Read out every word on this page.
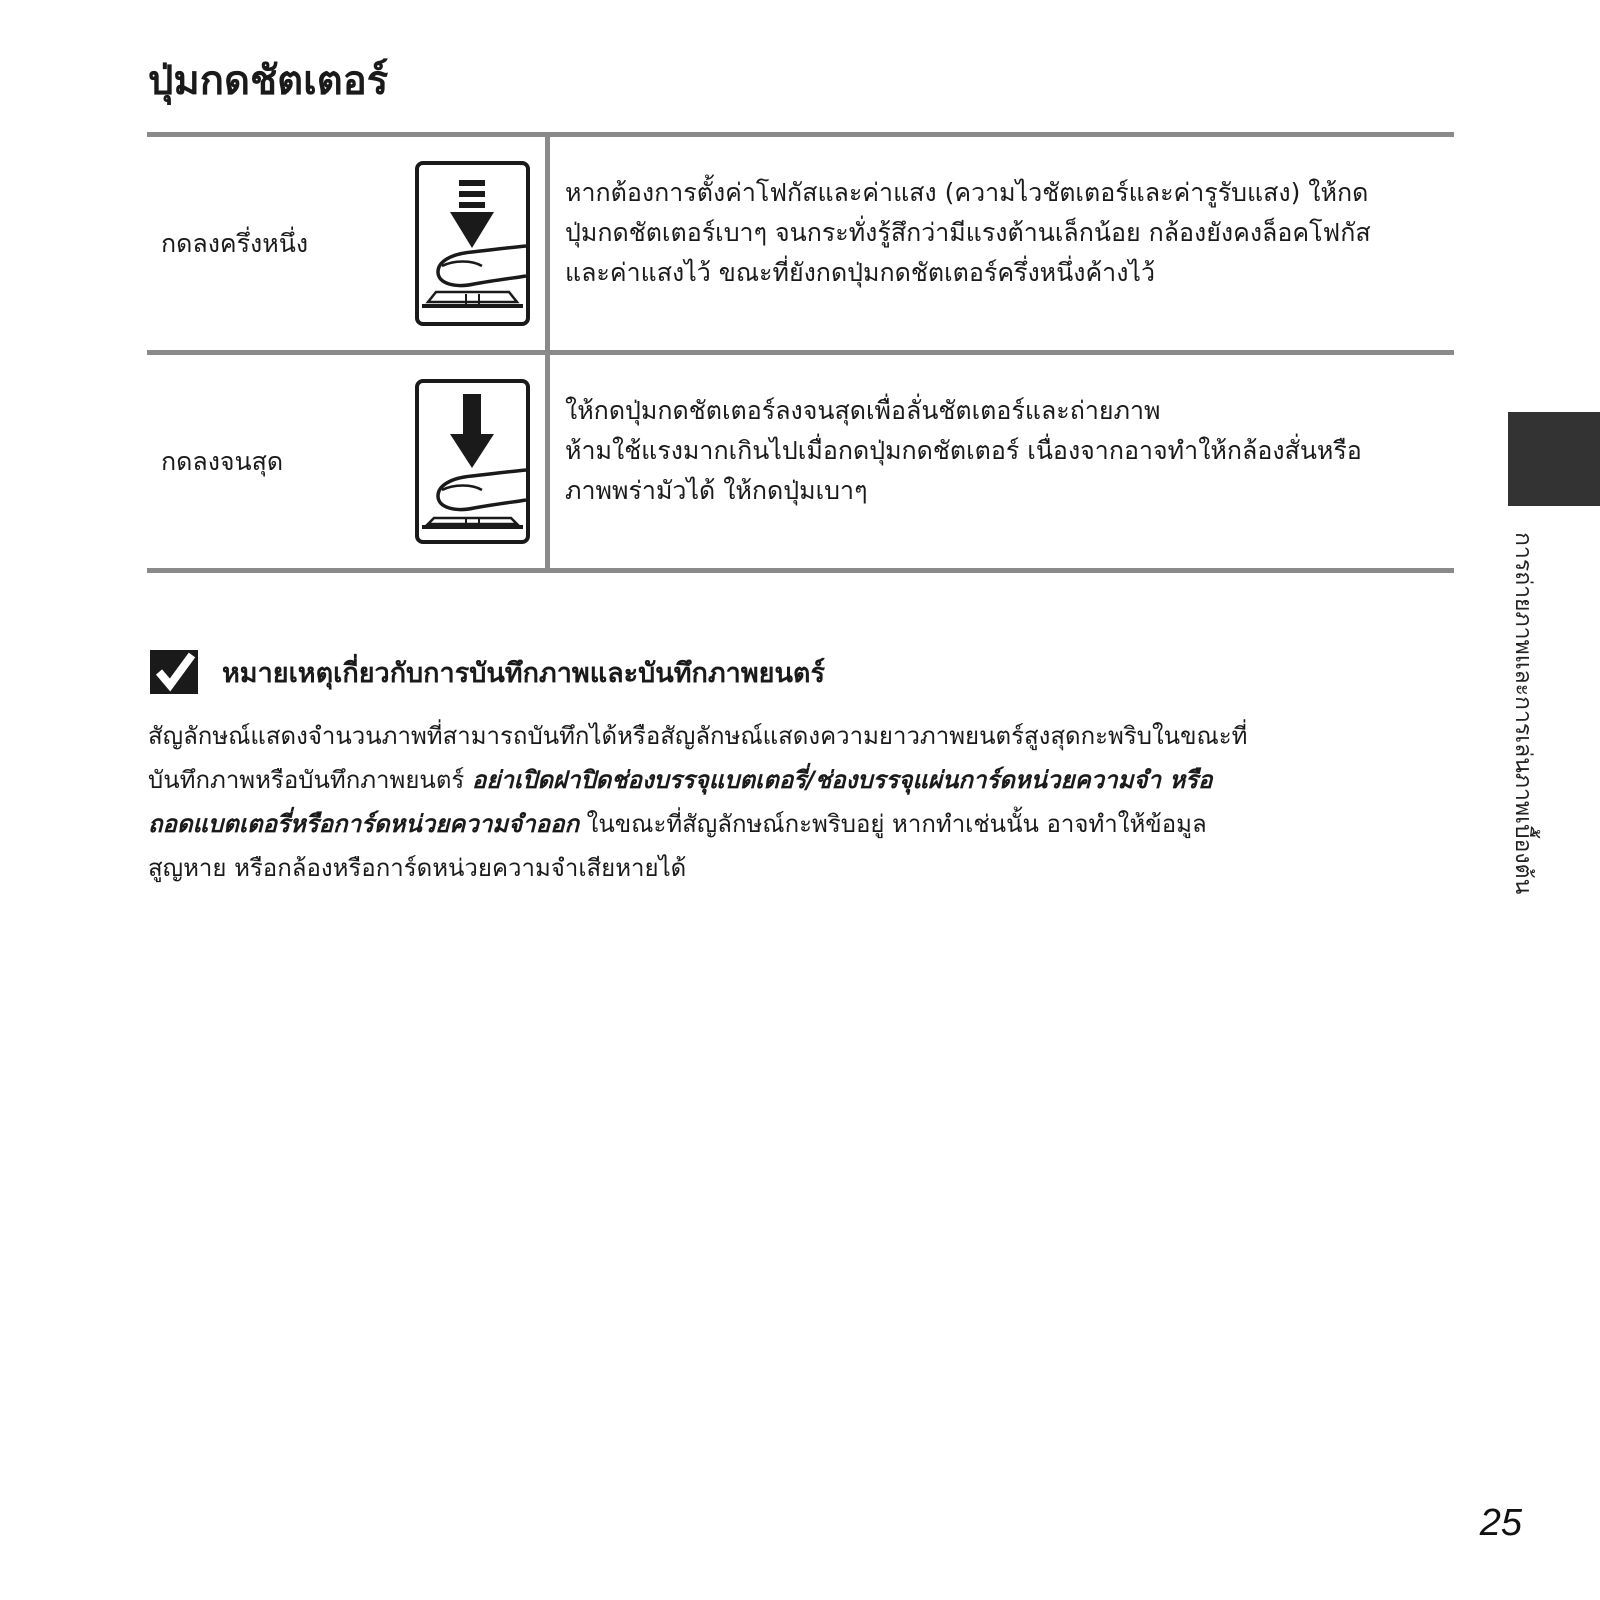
ปุ่มกดชัตเตอร์
กดลงครึ่งหนึ่ง
หากต้องการตั้งค่าโฟกัสและค่าแสง (ความไวชัตเตอร์และค่ารูรับแสง) ให้กด
ปุ่มกดชัตเตอร์เบาๆ จนกระทั่งรู้สึกว่ามีแรงต้านเล็กน้อย กล้องยังคงล็อคโฟกัส
และค่าแสงไว้ ขณะที่ยังกดปุ่มกดชัตเตอร์ครึ่งหนึ่งค้างไว้
กดลงจนสุด
ให้กดปุ่มกดชัตเตอร์ลงจนสุดเพื่อลั่นชัตเตอร์และถ่ายภาพ
ห้ามใช้แรงมากเกินไปเมื่อกดปุ่มกดชัตเตอร์ เนื่องจากอาจทำให้กล้องสั่นหรือ
ภาพพร่ามัวได้ ให้กดปุ่มเบาๆ
หมายเหตุเกี่ยวกับการบันทึกภาพและบันทึกภาพยนตร์
สัญลักษณ์แสดงจำนวนภาพที่สามารถบันทึกได้หรือสัญลักษณ์แสดงความยาวภาพยนตร์สูงสุดกะพริบในขณะที่
บันทึกภาพหรือบันทึกภาพยนตร์ อย่าเปิดฝาปิดช่องบรรจุแบตเตอรี่/ช่องบรรจุแผ่นการ์ดหน่วยความจำ หรือ
ถอดแบตเตอรี่หรือการ์ดหน่วยความจำออก ในขณะที่สัญลักษณ์กะพริบอยู่ หากทำเช่นนั้น อาจทำให้ข้อมูล
สูญหาย หรือกล้องหรือการ์ดหน่วยความจำเสียหายได้	การถ่ายภาพและการเล่นภาพเบื้องต้น
25
